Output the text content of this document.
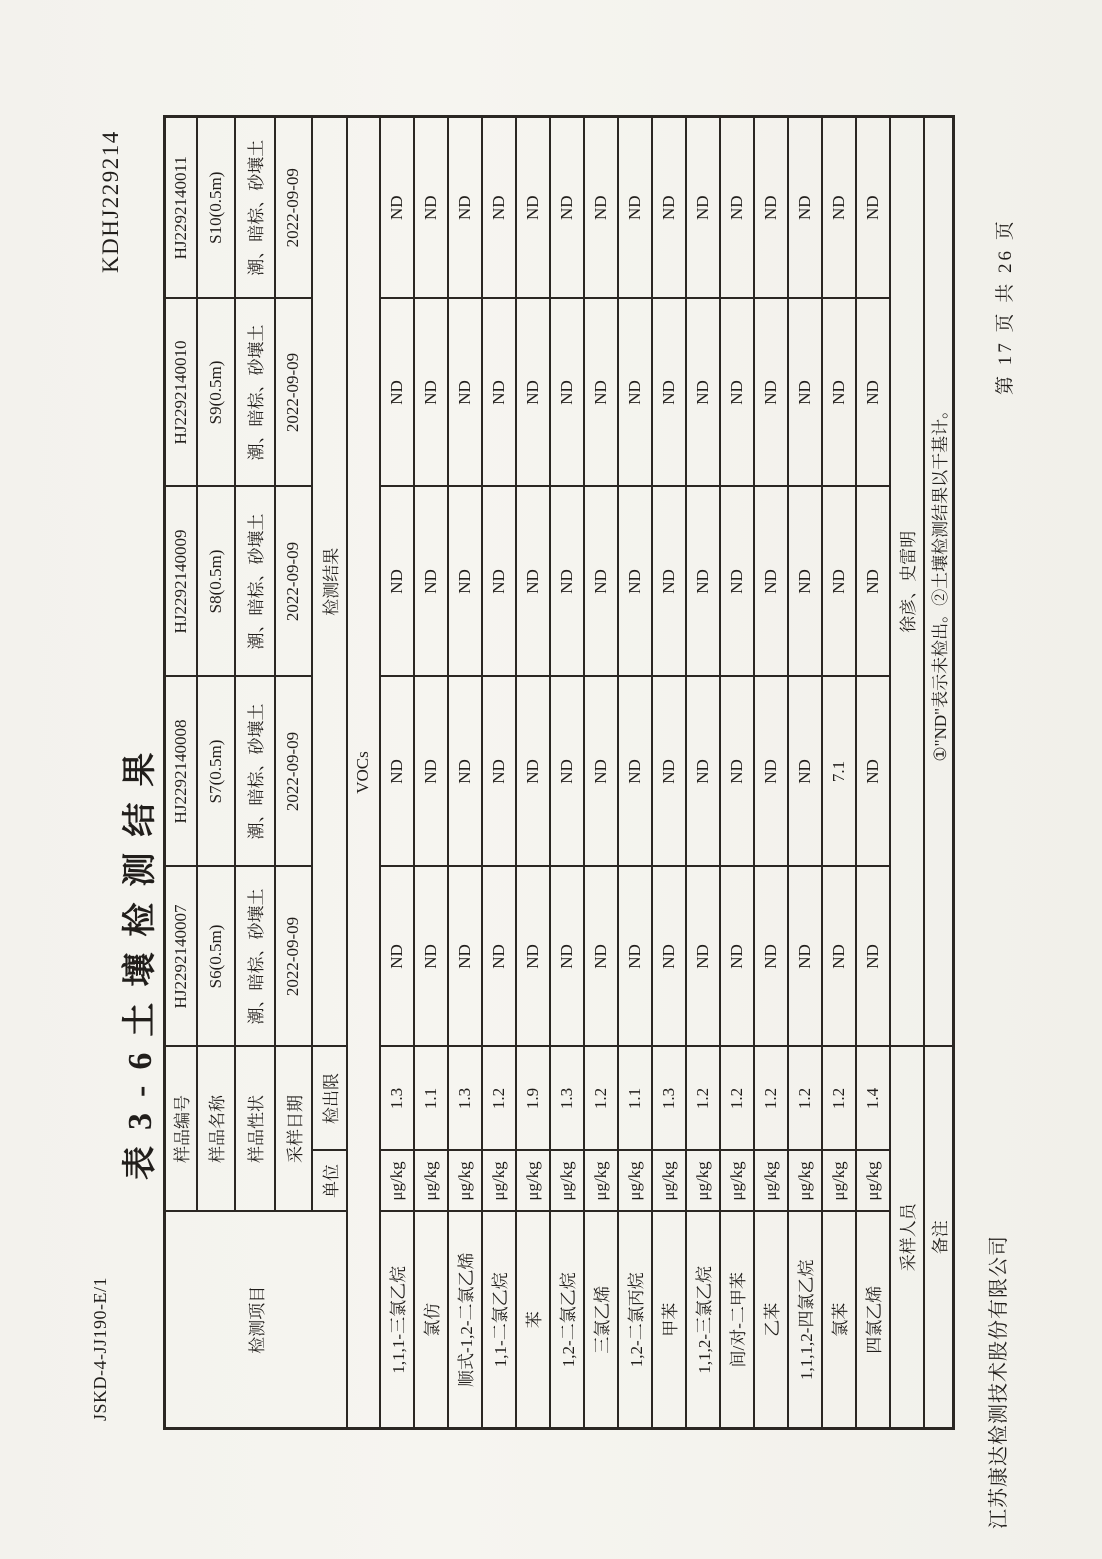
JSKD-4-JJ190-E/1
KDHJ229214
表3-6土壤检测结果
检测项目	样品编号		HJ2292140007	HJ2292140008	HJ2292140009	HJ2292140010	HJ2292140011
	样品名称		S6(0.5m)	S7(0.5m)	S8(0.5m)	S9(0.5m)	S10(0.5m)
	样品性状		潮、暗棕、砂壤土	潮、暗棕、砂壤土	潮、暗棕、砂壤土	潮、暗棕、砂壤土	潮、暗棕、砂壤土
	采样日期		2022-09-09	2022-09-09	2022-09-09	2022-09-09	2022-09-09
	单位	检出限	检测结果				
VOCs							
1,1,1-三氯乙烷	μg/kg	1.3	ND	ND	ND	ND	ND
氯仿	μg/kg	1.1	ND	ND	ND	ND	ND
顺式-1,2-二氯乙烯	μg/kg	1.3	ND	ND	ND	ND	ND
1,1-二氯乙烷	μg/kg	1.2	ND	ND	ND	ND	ND
苯	μg/kg	1.9	ND	ND	ND	ND	ND
1,2-二氯乙烷	μg/kg	1.3	ND	ND	ND	ND	ND
三氯乙烯	μg/kg	1.2	ND	ND	ND	ND	ND
1,2-二氯丙烷	μg/kg	1.1	ND	ND	ND	ND	ND
甲苯	μg/kg	1.3	ND	ND	ND	ND	ND
1,1,2-三氯乙烷	μg/kg	1.2	ND	ND	ND	ND	ND
间/对-二甲苯	μg/kg	1.2	ND	ND	ND	ND	ND
乙苯	μg/kg	1.2	ND	ND	ND	ND	ND
1,1,1,2-四氯乙烷	μg/kg	1.2	ND	ND	ND	ND	ND
氯苯	μg/kg	1.2	ND	7.1	ND	ND	ND
四氯乙烯	μg/kg	1.4	ND	ND	ND	ND	ND
采样人员			徐彦、史雷明				
备注			①"ND"表示未检出。②土壤检测结果以干基计。				
江苏康达检测技术股份有限公司
第 17 页 共 26 页
